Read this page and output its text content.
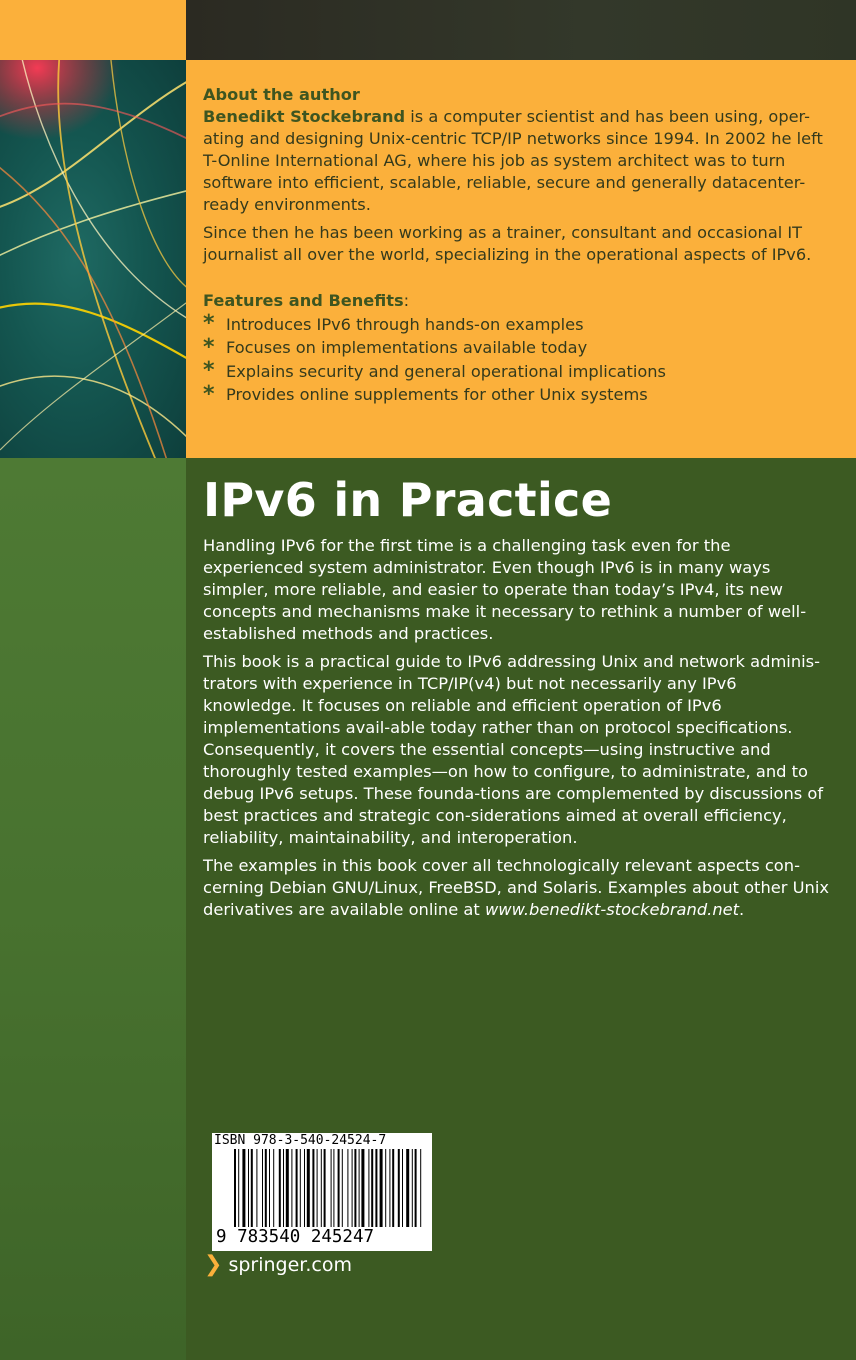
About the author

Benedikt Stockebrand is a computer scientist and has been using, oper-ating and designing Unix-centric TCP/IP networks since 1994. In 2002 he left T-Online International AG, where his job as system architect was to turn software into efficient, scalable, reliable, secure and generally datacenter-ready environments.

Since then he has been working as a trainer, consultant and occasional IT journalist all over the world, specializing in the operational aspects of IPv6.

Features and Benefits:
* Introduces IPv6 through hands-on examples
* Focuses on implementations available today
* Explains security and general operational implications
* Provides online supplements for other Unix systems
IPv6 in Practice

Handling IPv6 for the first time is a challenging task even for the experienced system administrator. Even though IPv6 is in many ways simpler, more reliable, and easier to operate than today’s IPv4, its new concepts and mechanisms make it necessary to rethink a number of well-established methods and practices.

This book is a practical guide to IPv6 addressing Unix and network adminis-trators with experience in TCP/IP(v4) but not necessarily any IPv6 knowledge. It focuses on reliable and efficient operation of IPv6 implementations avail-able today rather than on protocol specifications. Consequently, it covers the essential concepts—using instructive and thoroughly tested examples—on how to configure, to administrate, and to debug IPv6 setups. These founda-tions are complemented by discussions of best practices and strategic con-siderations aimed at overall efficiency, reliability, maintainability, and interoperation.

The examples in this book cover all technologically relevant aspects con-cerning Debian GNU/Linux, FreeBSD, and Solaris. Examples about other Unix derivatives are available online at www.benedikt-stockebrand.net.

ISBN 978-3-540-24524-7
9 783540 245247
❯ springer.com
